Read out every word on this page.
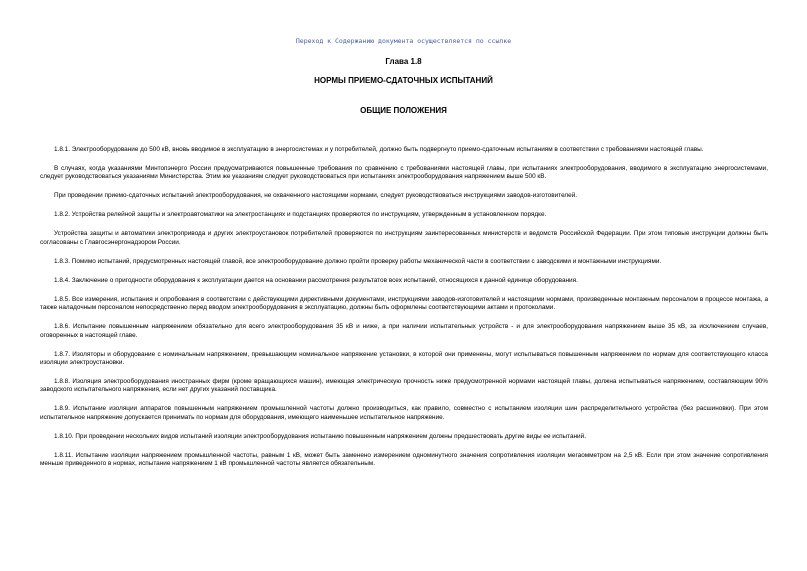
Переход к Содержанию документа осуществляется по ссылке
Глава 1.8
НОРМЫ ПРИЕМО-СДАТОЧНЫХ ИСПЫТАНИЙ
ОБЩИЕ ПОЛОЖЕНИЯ

1.8.1. Электрооборудование до 500 кВ, вновь вводимое в эксплуатацию в энергосистемах и у потребителей, должно быть подвергнуто приемо-сдаточным испытаниям в соответствии с требованиями настоящей главы.

В случаях, когда указаниями Минтопэнерго России предусматриваются повышенные требования по сравнению с требованиями настоящей главы, при испытаниях электрооборудования, вводимого в эксплуатацию энергосистемами, следует руководствоваться указаниями Министерства. Этим же указаниям следует руководствоваться при испытаниях электрооборудования напряжением выше 500 кВ.

При проведении приемо-сдаточных испытаний электрооборудования, не охваченного настоящими нормами, следует руководствоваться инструкциями заводов-изготовителей.

1.8.2. Устройства релейной защиты и электроавтоматики на электростанциях и подстанциях проверяются по инструкциям, утвержденным в установленном порядке.

Устройства защиты и автоматики электропривода и других электроустановок потребителей проверяются по инструкциям заинтересованных министерств и ведомств Российской Федерации. При этом типовые инструкции должны быть согласованы с Главгосэнергонадзором России.

1.8.3. Помимо испытаний, предусмотренных настоящей главой, все электрооборудование должно пройти проверку работы механической части в соответствии с заводскими и монтажными инструкциями.

1.8.4. Заключение о пригодности оборудования к эксплуатации дается на основании рассмотрения результатов всех испытаний, относящихся к данной единице оборудования.

1.8.5. Все измерения, испытания и опробования в соответствии с действующими директивными документами, инструкциями заводов-изготовителей и настоящими нормами, произведенные монтажным персоналом в процессе монтажа, а также наладочным персоналом непосредственно перед вводом электрооборудования в эксплуатацию, должны быть оформлены соответствующими актами и протоколами.

1.8.6. Испытание повышенным напряжением обязательно для всего электрооборудования 35 кВ и ниже, а при наличии испытательных устройств - и для электрооборудования напряжением выше 35 кВ, за исключением случаев, оговоренных в настоящей главе.

1.8.7. Изоляторы и оборудование с номинальным напряжением, превышающим номинальное напряжение установки, в которой они применены, могут испытываться повышенным напряжением по нормам для соответствующего класса изоляции электроустановки.

1.8.8. Изоляция электрооборудования иностранных фирм (кроме вращающихся машин), имеющая электрическую прочность ниже предусмотренной нормами настоящей главы, должна испытываться напряжением, составляющим 90% заводского испытательного напряжения, если нет других указаний поставщика.

1.8.9. Испытание изоляции аппаратов повышенным напряжением промышленной частоты должно производиться, как правило, совместно с испытанием изоляции шин распределительного устройства (без расшиновки). При этом испытательное напряжение допускается принимать по нормам для оборудования, имеющего наименьшее испытательное напряжение.

1.8.10. При проведении нескольких видов испытаний изоляции электрооборудования испытанию повышенным напряжением должны предшествовать другие виды ее испытаний.

1.8.11. Испытание изоляции напряжением промышленной частоты, равным 1 кВ, может быть заменено измерением одноминутного значения сопротивления изоляции мегаомметром на 2,5 кВ. Если при этом значение сопротивления меньше приведенного в нормах, испытание напряжением 1 кВ промышленной частоты является обязательным.
